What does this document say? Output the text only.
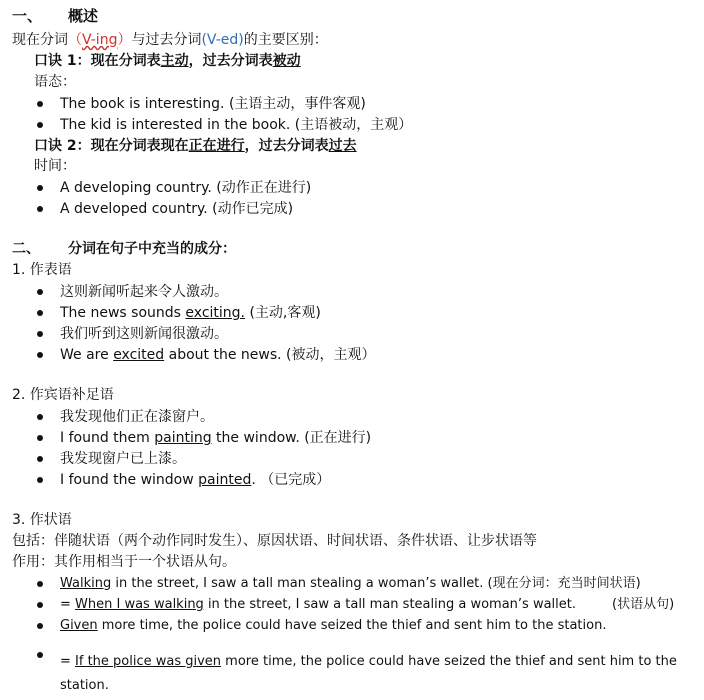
一、 概述
现在分词（V-ing）与过去分词(V-ed)的主要区别：
口诀 1：现在分词表主动，过去分词表被动
语态：
The book is interesting. (主语主动，事件客观)
The kid is interested in the book. (主语被动，主观）
口诀 2：现在分词表现在正在进行，过去分词表过去
时间：
A developing country. (动作正在进行)
A developed country. (动作已完成)
二、 分词在句子中充当的成分：
1. 作表语
这则新闻听起来令人激动。
The news sounds exciting. (主动,客观)
我们听到这则新闻很激动。
We are excited about the news. (被动，主观）
2. 作宾语补足语
我发现他们正在漆窗户。
I found them painting the window. (正在进行)
我发现窗户已上漆。
I found the window painted. （已完成）
3. 作状语
包括：伴随状语（两个动作同时发生）、原因状语、时间状语、条件状语、让步状语等
作用：其作用相当于一个状语从句。
Walking in the street, I saw a tall man stealing a woman’s wallet. (现在分词：充当时间状语)
= When I was walking in the street, I saw a tall man stealing a woman’s wallet.	(状语从句)
Given more time, the police could have seized the thief and sent him to the station.
= If the police was given more time, the police could have seized the thief and sent him to the
station.
